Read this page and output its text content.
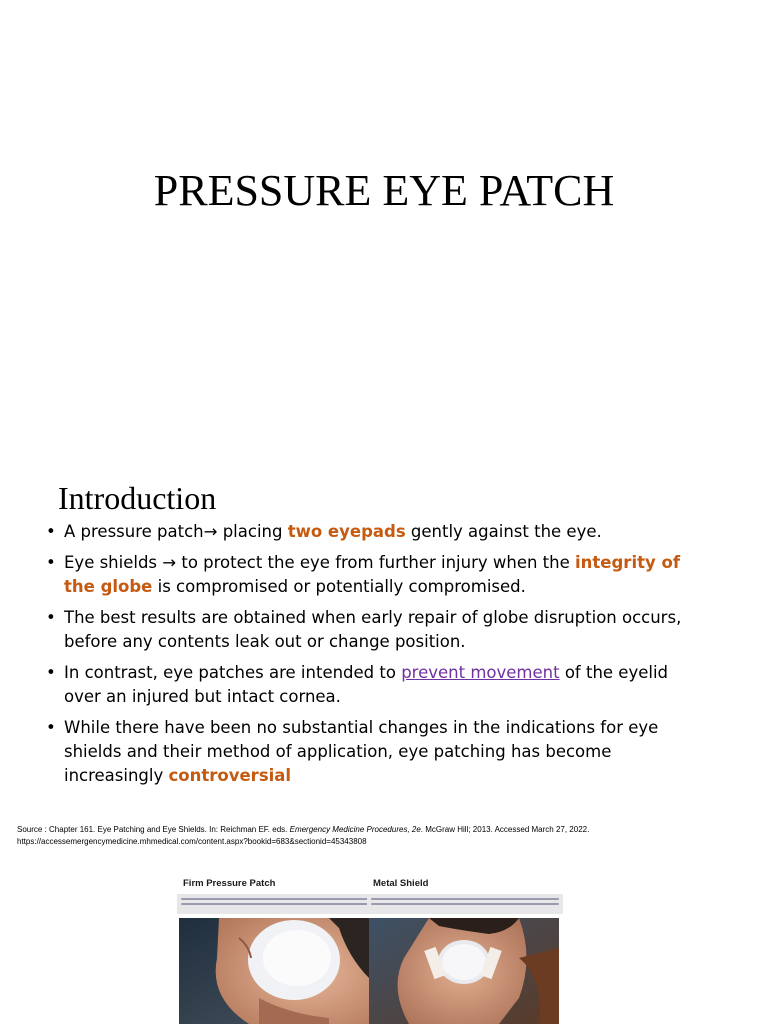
PRESSURE EYE PATCH
Introduction
• A pressure patch→ placing two eyepads gently against the eye.
• Eye shields → to protect the eye from further injury when the integrity of the globe is compromised or potentially compromised.
• The best results are obtained when early repair of globe disruption occurs, before any contents leak out or change position.
• In contrast, eye patches are intended to prevent movement of the eyelid over an injured but intact cornea.
• While there have been no substantial changes in the indications for eye shields and their method of application, eye patching has become increasingly controversial
Source : Chapter 161. Eye Patching and Eye Shields. In: Reichman EF. eds. Emergency Medicine Procedures, 2e. McGraw Hill; 2013. Accessed March 27, 2022. https://accessemergencymedicine.mhmedical.com/content.aspx?bookid=683&sectionid=45343808
Firm Pressure Patch	Metal Shield
